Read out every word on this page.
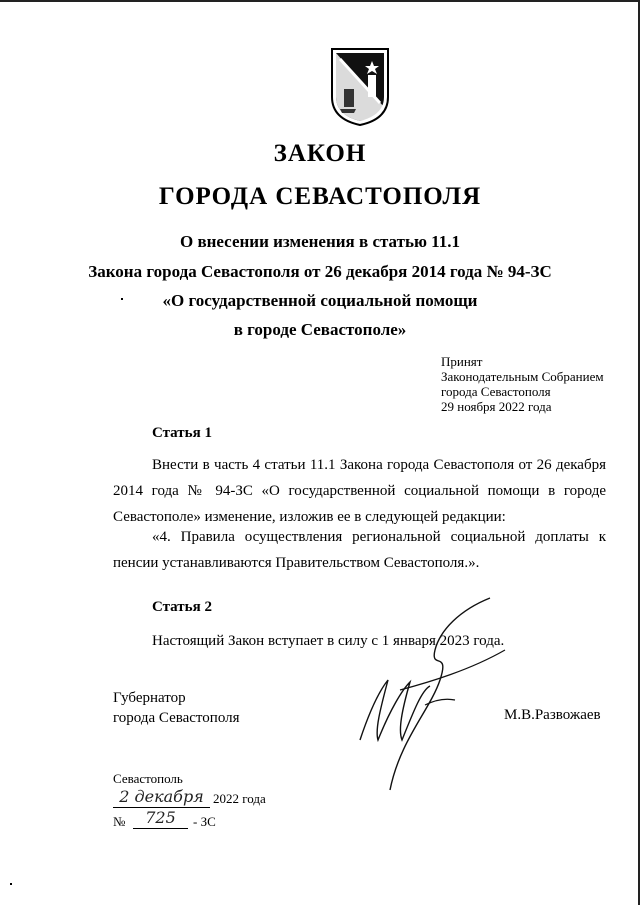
ЗАКОН
ГОРОДА СЕВАСТОПОЛЯ
О внесении изменения в статью 11.1
Закона города Севастополя от 26 декабря 2014 года № 94-ЗС
«О государственной социальной помощи
в городе Севастополе»
Принят
Законодательным Собранием
города Севастополя
29 ноября 2022 года
Статья 1
Внести в часть 4 статьи 11.1 Закона города Севастополя от 26 декабря 2014 года № 94-ЗС «О государственной социальной помощи в городе Севастополе» изменение, изложив ее в следующей редакции:
«4. Правила осуществления региональной социальной доплаты к пенсии устанавливаются Правительством Севастополя.».
Статья 2
Настоящий Закон вступает в силу с 1 января 2023 года.
Губернатор
города Севастополя	М.В.Развожаев
Севастополь
2 декабря 2022 года
№	725	- ЗС
